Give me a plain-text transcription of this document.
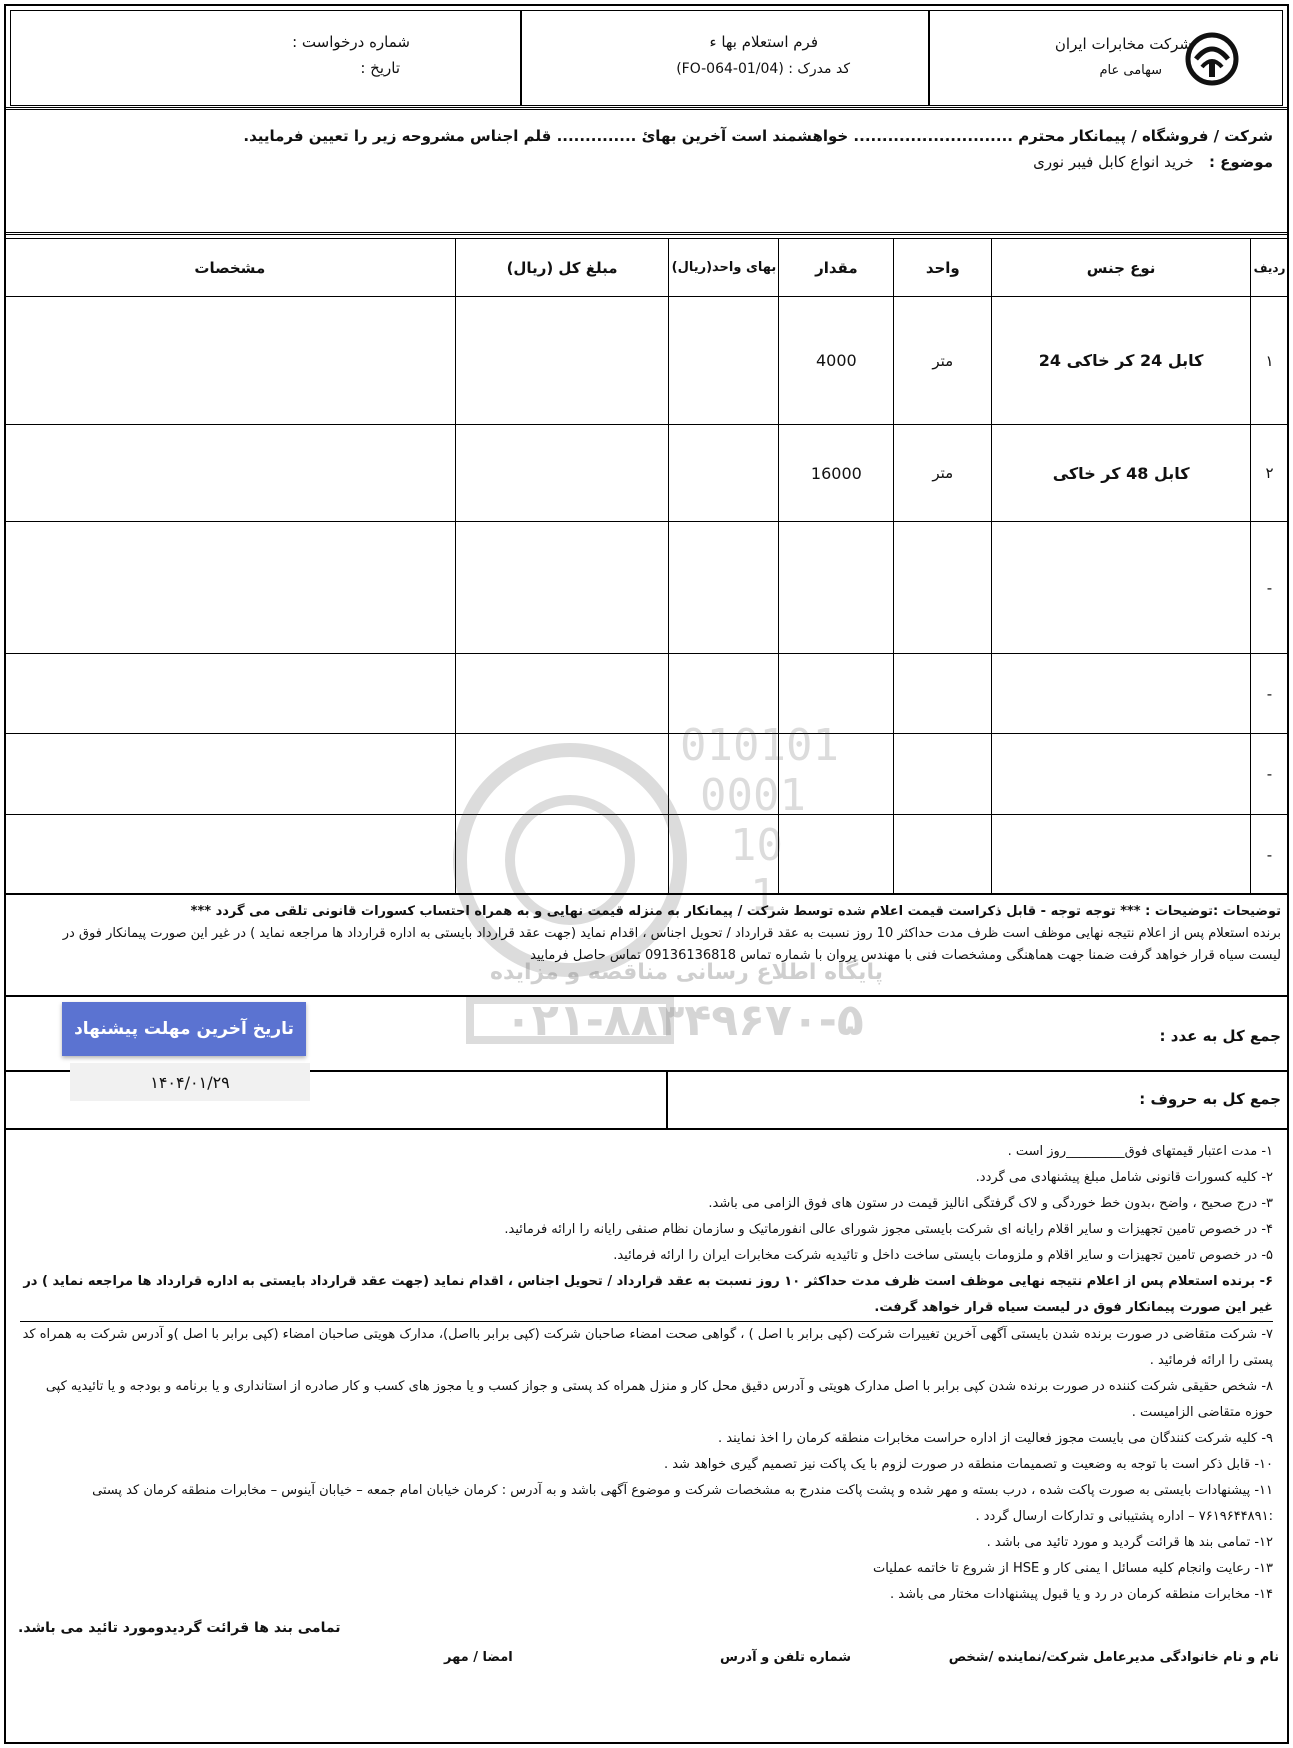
شرکت مخابرات ایران
سهامی عام
فرم استعلام بها ء
کد مدرک : (FO-064-01/04)
شماره درخواست :
تاریخ :
شرکت / فروشگاه / پیمانکار محترم ............................ خواهشمند است آخرین بهایٔ .............. قلم اجناس مشروحه زیر را تعیین فرمایید.
موضوع : خرید انواع کابل فیبر نوری
ردیف	نوع جنس	واحد	مقدار	بهای واحد(ریال)	مبلغ کل (ریال)	مشخصات
۱	کابل 24 کر خاکی 24	متر	4000			
۲	کابل 48 کر خاکی	متر	16000			
-						
-						
-						
-						
010101
0001
10
1
توضیحات :توضیحات : *** توجه توجه - قابل ذکراست قیمت اعلام شده توسط شرکت / پیمانکار به منزله قیمت نهایی و به همراه احتساب کسورات قانونی تلقی می گردد ***
برنده استعلام پس از اعلام نتیجه نهایی موظف است ظرف مدت حداکثر 10 روز نسبت به عقد قرارداد / تحویل اجناس ، اقدام نماید (جهت عقد قرارداد بایستی به اداره قرارداد ها مراجعه نماید ) در غیر این صورت پیمانکار فوق در
لیست سیاه قرار خواهد گرفت ضمنا جهت هماهنگی ومشخصات فنی با مهندس پروان با شماره تماس 09136136818 تماس حاصل فرمایید
پایگاه اطلاع رسانی مناقصه و مزایده
۰۲۱-۸۸۳۴۹۶۷۰-۵	جمع کل به عدد :
جمع کل به حروف :
تاریخ آخرین مهلت پیشنهاد
۱۴۰۴/۰۱/۲۹
۱- مدت اعتبار قیمتهای فوق_________روز است .
۲- کلیه کسورات قانونی شامل مبلغ پیشنهادی می گردد.
۳- درج صحیح ، واضح ،بدون خط خوردگی و لاک گرفتگی انالیز قیمت در ستون های فوق الزامی می باشد.
۴- در خصوص تامین تجهیزات و سایر اقلام رایانه ای شرکت بایستی مجوز شورای عالی انفورماتیک و سازمان نظام صنفی رایانه را ارائه فرمائید.
۵- در خصوص تامین تجهیزات و سایر اقلام و ملزومات بایستی ساخت داخل و تائیدیه شرکت مخابرات ایران را ارائه فرمائید.
۶- برنده استعلام پس از اعلام نتیجه نهایی موظف است ظرف مدت حداکثر ۱۰ روز نسبت به عقد قرارداد / تحویل اجناس ، اقدام نماید (جهت عقد قرارداد بایستی به اداره قرارداد ها مراجعه نماید ) در غیر این صورت پیمانکار فوق در لیست سیاه قرار خواهد گرفت.
۷- شرکت متقاضی در صورت برنده شدن بایستی آگهی آخرین تغییرات شرکت (کپی برابر با اصل ) ، گواهی صحت امضاء صاحبان شرکت (کپی برابر بااصل)، مدارک هویتی صاحبان امضاء (کپی برابر با اصل )و آدرس شرکت به همراه کد پستی را ارائه فرمائید .
۸- شخص حقیقی شرکت کننده در صورت برنده شدن کپی برابر با اصل مدارک هویتی و آدرس دقیق محل کار و منزل همراه کد پستی و جواز کسب و یا مجوز های کسب و کار صادره از استانداری و یا برنامه و بودجه و یا تائیدیه کپی حوزه متقاضی الزامیست .
۹- کلیه شرکت کنندگان می بایست مجوز فعالیت از اداره حراست مخابرات منطقه کرمان را اخذ نمایند .
۱۰- قابل ذکر است با توجه به وضعیت و تصمیمات منطقه در صورت لزوم با یک پاکت نیز تصمیم گیری خواهد شد .
۱۱- پیشنهادات بایستی به صورت پاکت شده ، درب بسته و مهر شده و پشت پاکت مندرج به مشخصات شرکت و موضوع آگهی باشد و به آدرس : کرمان خیابان امام جمعه – خیابان آینوس – مخابرات منطقه کرمان کد پستی :۷۶۱۹۶۴۴۸۹۱ – اداره پشتیبانی و تدارکات ارسال گردد .
۱۲- تمامی بند ها قرائت گردید و مورد تائید می باشد .
۱۳- رعایت وانجام کلیه مسائل ا یمنی کار و HSE از شروع تا خاتمه عملیات
۱۴- مخابرات منطقه کرمان در رد و یا قبول پیشنهادات مختار می باشد .
تمامی بند ها قرائت گردیدومورد تائید می باشد.
نام و نام خانوادگی مدیرعامل شرکت/نماینده /شخص
شماره تلفن و آدرس
امضا / مهر
